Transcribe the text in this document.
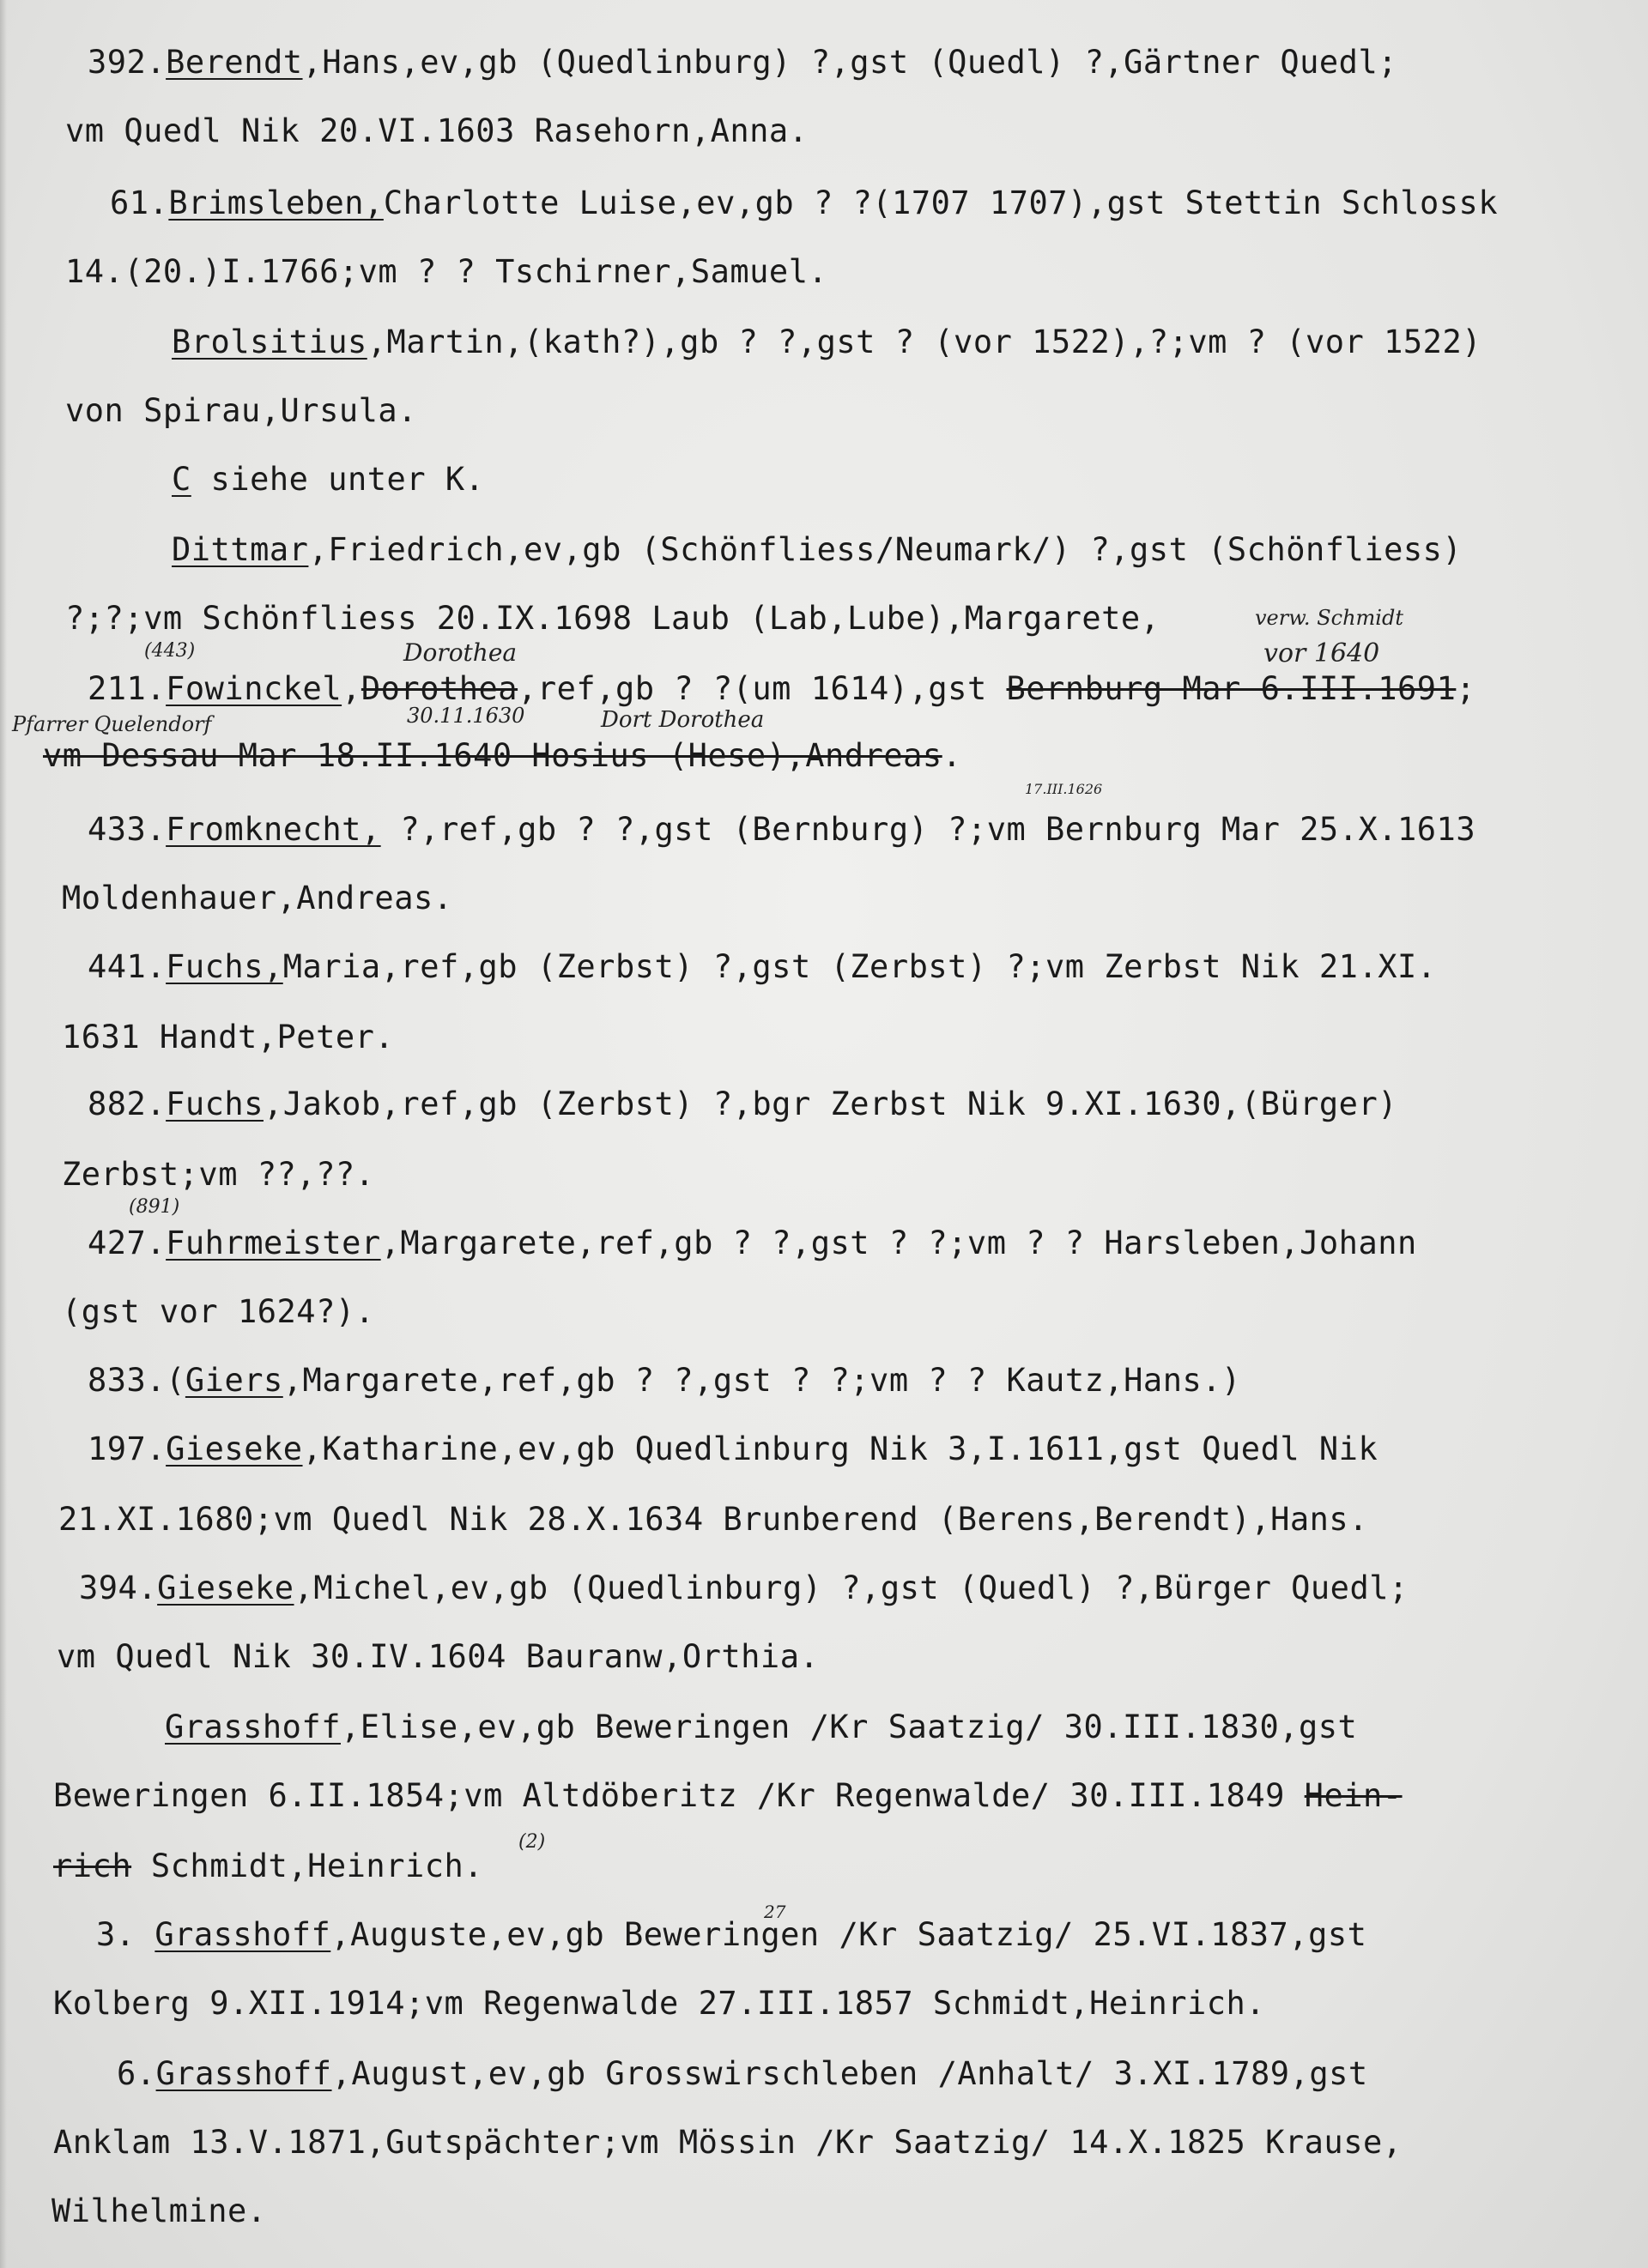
392.Berendt,Hans,ev,gb (Quedlinburg) ?,gst (Quedl) ?,Gärtner Quedl;
vm Quedl Nik 20.VI.1603 Rasehorn,Anna.
61.Brimsleben,Charlotte Luise,ev,gb ? ?(1707 1707),gst Stettin Schlossk
14.(20.)I.1766;vm ? ? Tschirner,Samuel.
Brolsitius,Martin,(kath?),gb ? ?,gst ? (vor 1522),?;vm ? (vor 1522)
von Spirau,Ursula.
C siehe unter K.
Dittmar,Friedrich,ev,gb (Schönfliess/Neumark/) ?,gst (Schönfliess)
?;?;vm Schönfliess 20.IX.1698 Laub (Lab,Lube),Margarete,
211.Fowinckel,Dorothea,ref,gb ? ?(um 1614),gst Bernburg Mar 6.III.1691;
vm Dessau Mar 18.II.1640 Hosius (Hese),Andreas.
433.Fromknecht, ?,ref,gb ? ?,gst (Bernburg) ?;vm Bernburg Mar 25.X.1613
Moldenhauer,Andreas.
441.Fuchs,Maria,ref,gb (Zerbst) ?,gst (Zerbst) ?;vm Zerbst Nik 21.XI.
1631 Handt,Peter.
882.Fuchs,Jakob,ref,gb (Zerbst) ?,bgr Zerbst Nik 9.XI.1630,(Bürger)
Zerbst;vm ??,??.
427.Fuhrmeister,Margarete,ref,gb ? ?,gst ? ?;vm ? ? Harsleben,Johann
(gst vor 1624?).
833.(Giers,Margarete,ref,gb ? ?,gst ? ?;vm ? ? Kautz,Hans.)
197.Gieseke,Katharine,ev,gb Quedlinburg Nik 3,I.1611,gst Quedl Nik
21.XI.1680;vm Quedl Nik 28.X.1634 Brunberend (Berens,Berendt),Hans.
394.Gieseke,Michel,ev,gb (Quedlinburg) ?,gst (Quedl) ?,Bürger Quedl;
vm Quedl Nik 30.IV.1604 Bauranw,Orthia.
Grasshoff,Elise,ev,gb Beweringen /Kr Saatzig/ 30.III.1830,gst
Beweringen 6.II.1854;vm Altdöberitz /Kr Regenwalde/ 30.III.1849 Hein-
rich Schmidt,Heinrich.
3. Grasshoff,Auguste,ev,gb Beweringen /Kr Saatzig/ 25.VI.1837,gst
Kolberg 9.XII.1914;vm Regenwalde 27.III.1857 Schmidt,Heinrich.
6.Grasshoff,August,ev,gb Grosswirschleben /Anhalt/ 3.XI.1789,gst
Anklam 13.V.1871,Gutspächter;vm Mössin /Kr Saatzig/ 14.X.1825 Krause,
Wilhelmine.
verw. Schmidt
vor 1640
(443)	Dorothea
30.11.1630
Pfarrer Quelendorf	Dort Dorothea
17.III.1626
(891)
(2)
27
